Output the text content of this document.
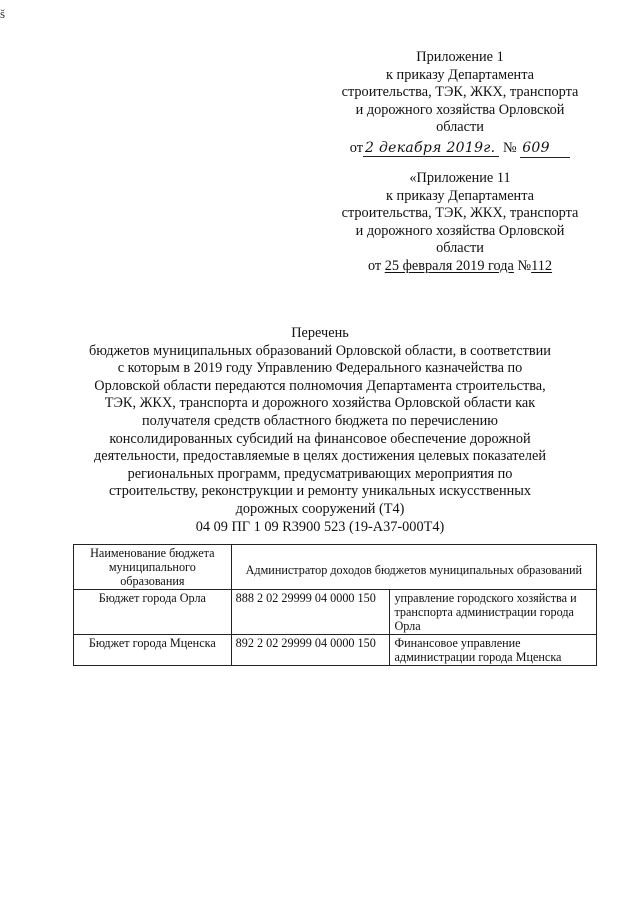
š
Приложение 1
к приказу Департамента
строительства, ТЭК, ЖКХ, транспорта
и дорожного хозяйства Орловской
области
от 2 декабря 2019г. № 609
«Приложение 11
к приказу Департамента
строительства, ТЭК, ЖКХ, транспорта
и дорожного хозяйства Орловской
области
от 25 февраля 2019 года №112
Перечень
бюджетов муниципальных образований Орловской области, в соответствии
с которым в 2019 году Управлению Федерального казначейства по
Орловской области передаются полномочия Департамента строительства,
ТЭК, ЖКХ, транспорта и дорожного хозяйства Орловской области как
получателя средств областного бюджета по перечислению
консолидированных субсидий на финансовое обеспечение дорожной
деятельности, предоставляемые в целях достижения целевых показателей
региональных программ, предусматривающих мероприятия по
строительству, реконструкции и ремонту уникальных искусственных
дорожных сооружений (Т4)
04 09 ПГ 1 09 R3900 523 (19-А37-000Т4)
Наименование бюджета муниципального образования	Администратор доходов бюджетов муниципальных образований	
Бюджет города Орла	888 2 02 29999 04 0000 150	управление городского хозяйства и транспорта администрации города Орла
Бюджет города Мценска	892 2 02 29999 04 0000 150	Финансовое управление администрации города Мценска
